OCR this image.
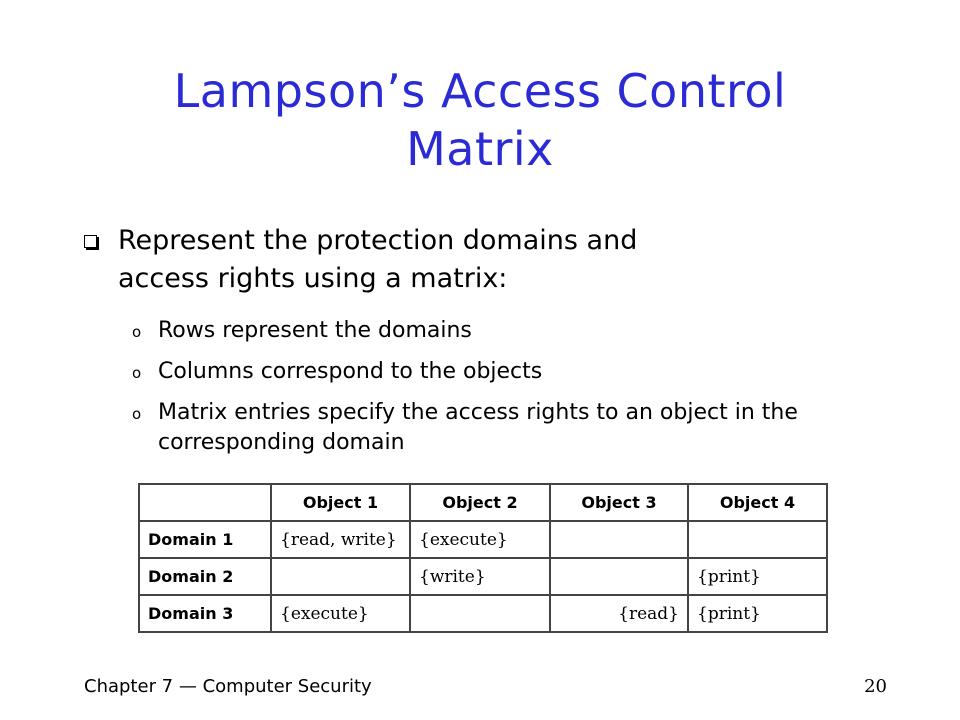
Lampson’s Access Control
Matrix
Represent the protection domains and
access rights using a matrix:
o Rows represent the domains
o Columns correspond to the objects
o Matrix entries specify the access rights to an object in the corresponding domain
	Object 1	Object 2	Object 3	Object 4
Domain 1	{read, write}	{execute}		
Domain 2		{write}		{print}
Domain 3	{execute}		{read}	{print}
Chapter 7 — Computer Security	20
